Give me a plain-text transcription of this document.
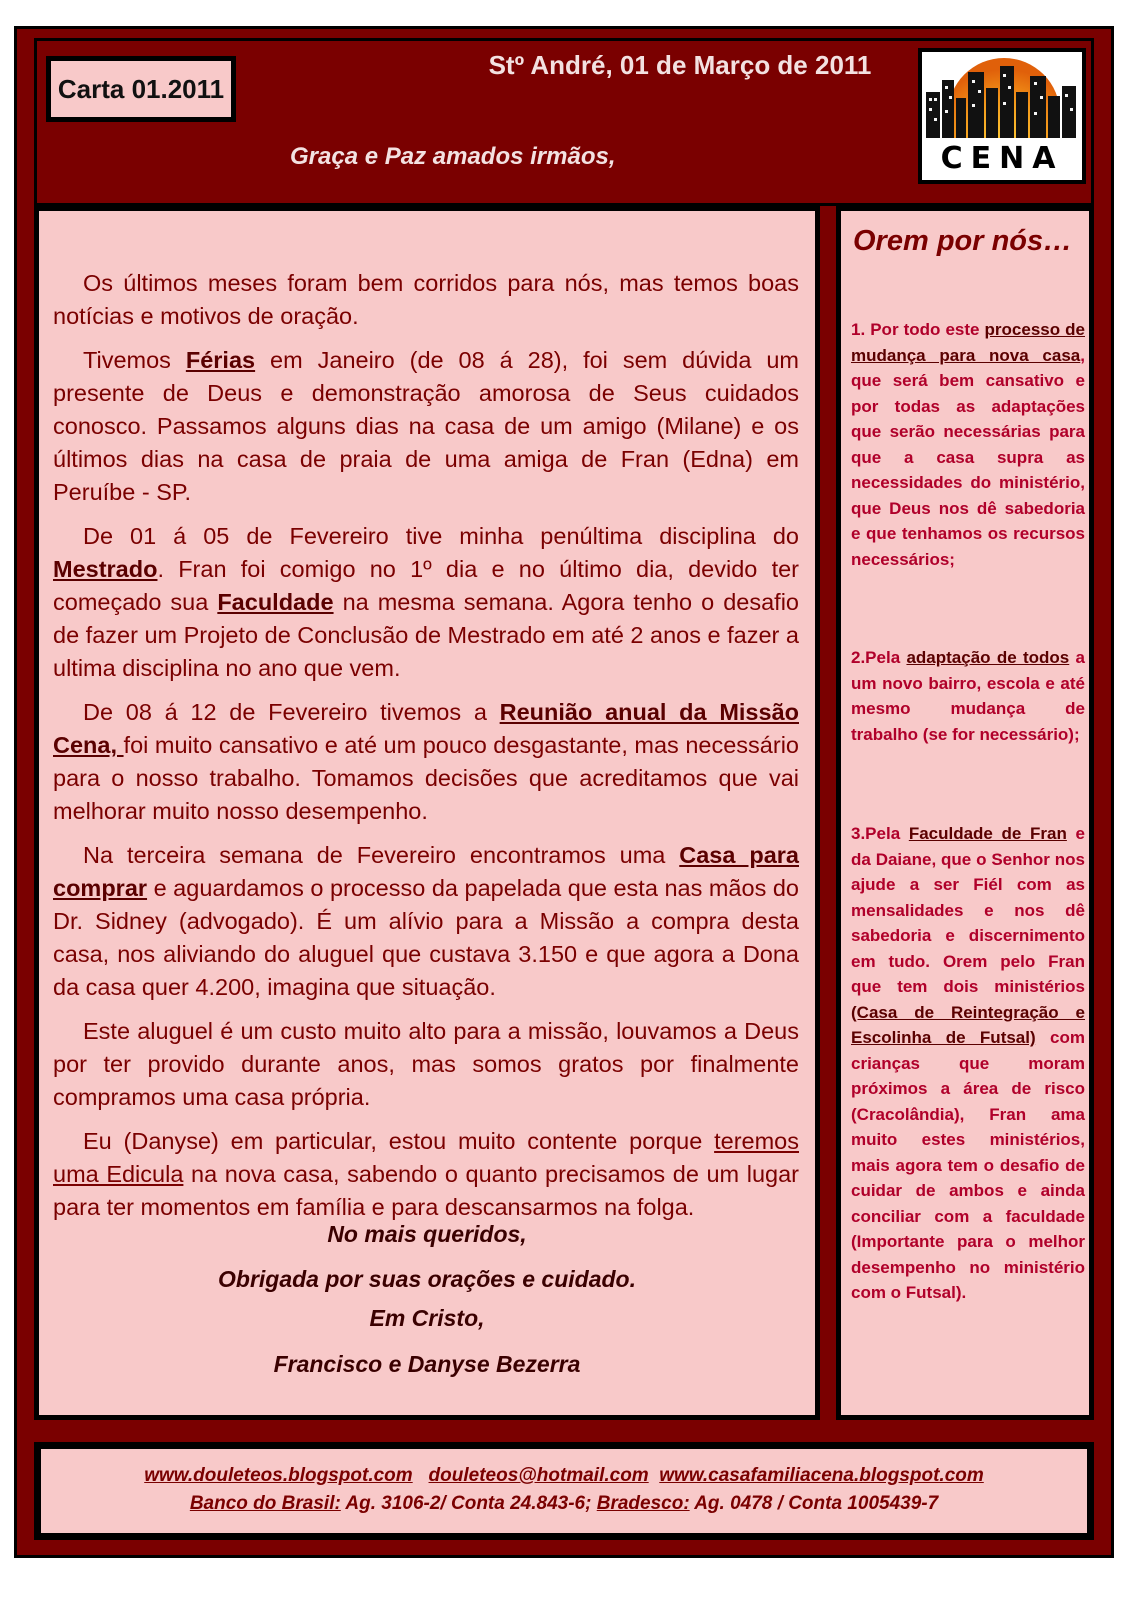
Carta 01.2011
Stº André, 01 de Março de 2011
Graça e Paz amados irmãos,	CENA

Os últimos meses foram bem corridos para nós, mas temos boas notícias e motivos de oração.

Tivemos Férias em Janeiro (de 08 á 28), foi sem dúvida um presente de Deus e demonstração amorosa de Seus cuidados conosco. Passamos alguns dias na casa de um amigo (Milane) e os últimos dias na casa de praia de uma amiga de Fran (Edna) em Peruíbe - SP.

De 01 á 05 de Fevereiro tive minha penúltima disciplina do Mestrado. Fran foi comigo no 1º dia e no último dia, devido ter começado sua Faculdade na mesma semana. Agora tenho o desafio de fazer um Projeto de Conclusão de Mestrado em até 2 anos e fazer a ultima disciplina no ano que vem.

De 08 á 12 de Fevereiro tivemos a Reunião anual da Missão Cena, foi muito cansativo e até um pouco desgastante, mas necessário para o nosso trabalho. Tomamos decisões que acreditamos que vai melhorar muito nosso desempenho.

Na terceira semana de Fevereiro encontramos uma Casa para comprar e aguardamos o processo da papelada que esta nas mãos do Dr. Sidney (advogado). É um alívio para a Missão a compra desta casa, nos aliviando do aluguel que custava 3.150 e que agora a Dona da casa quer 4.200, imagina que situação.

Este aluguel é um custo muito alto para a missão, louvamos a Deus por ter provido durante anos, mas somos gratos por finalmente compramos uma casa própria.

Eu (Danyse) em particular, estou muito contente porque teremos uma Edicula na nova casa, sabendo o quanto precisamos de um lugar para ter momentos em família e para descansarmos na folga.

No mais queridos,
Obrigada por suas orações e cuidado.
Em Cristo,
Francisco e Danyse Bezerra
Orem por nós…
1. Por todo este processo de mudança para nova casa, que será bem cansativo e por todas as adaptações que serão necessárias para que a casa supra as necessidades do ministério, que Deus nos dê sabedoria e que tenhamos os recursos necessários;
2.Pela adaptação de todos a um novo bairro, escola e até mesmo mudança de trabalho (se for necessário);
3.Pela Faculdade de Fran e da Daiane, que o Senhor nos ajude a ser Fiél com as mensalidades e nos dê sabedoria e discernimento em tudo. Orem pelo Fran que tem dois ministérios (Casa de Reintegração e Escolinha de Futsal) com crianças que moram próximos a área de risco (Cracolândia), Fran ama muito estes ministérios, mais agora tem o desafio de cuidar de ambos e ainda conciliar com a faculdade (Importante para o melhor desempenho no ministério com o Futsal).
www.douleteos.blogspot.com douleteos@hotmail.com www.casafamiliacena.blogspot.com
Banco do Brasil: Ag. 3106-2/ Conta 24.843-6; Bradesco: Ag. 0478 / Conta 1005439-7
